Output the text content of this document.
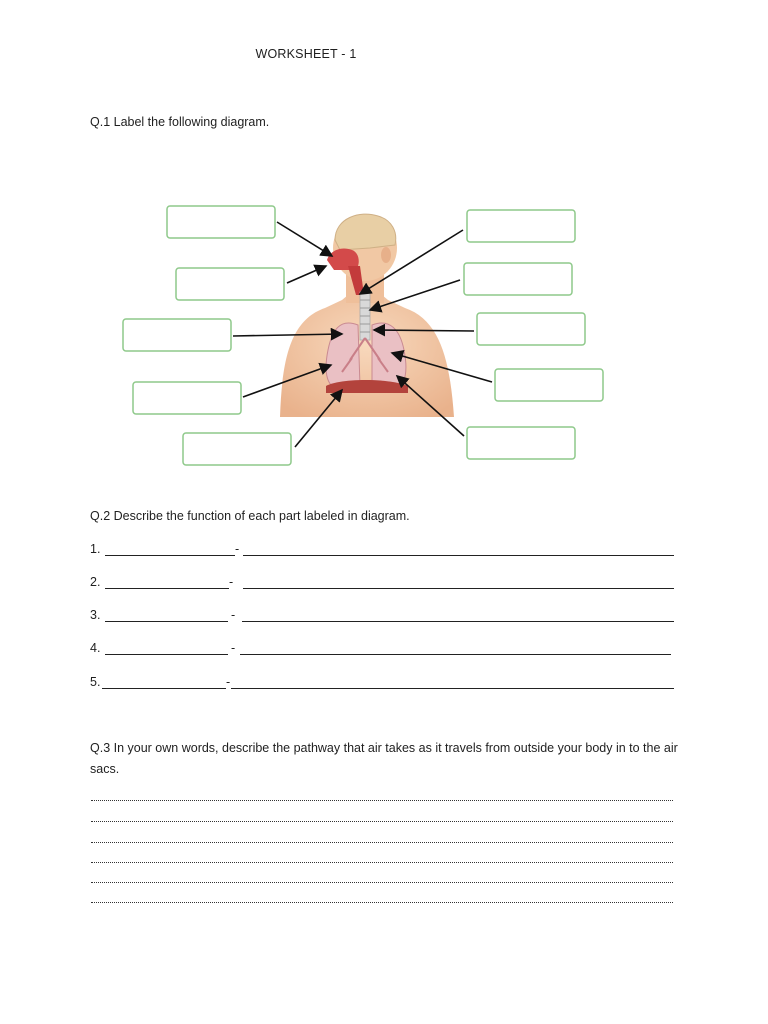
WORKSHEET - 1
Q.1 Label the following diagram.
Q.2 Describe the function of each part labeled in diagram.
1.	-
2.	-
3.	-
4.	-
5.	-
Q.3 In your own words, describe the pathway that air takes as it travels from outside your body in to the air sacs.
